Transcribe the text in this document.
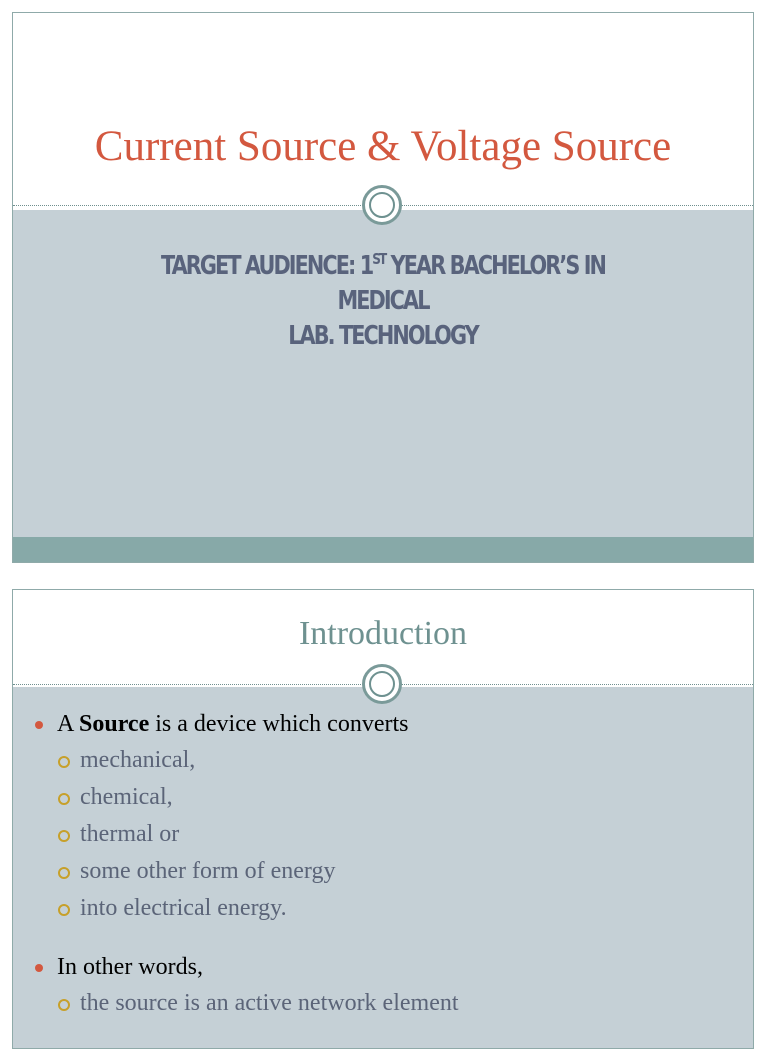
Current Source & Voltage Source

TARGET AUDIENCE: 1ST YEAR BACHELOR’S IN MEDICAL
LAB. TECHNOLOGY

Introduction
A Source is a device which converts
mechanical,
chemical,
thermal or
some other form of energy
into electrical energy.
In other words,
the source is an active network element
